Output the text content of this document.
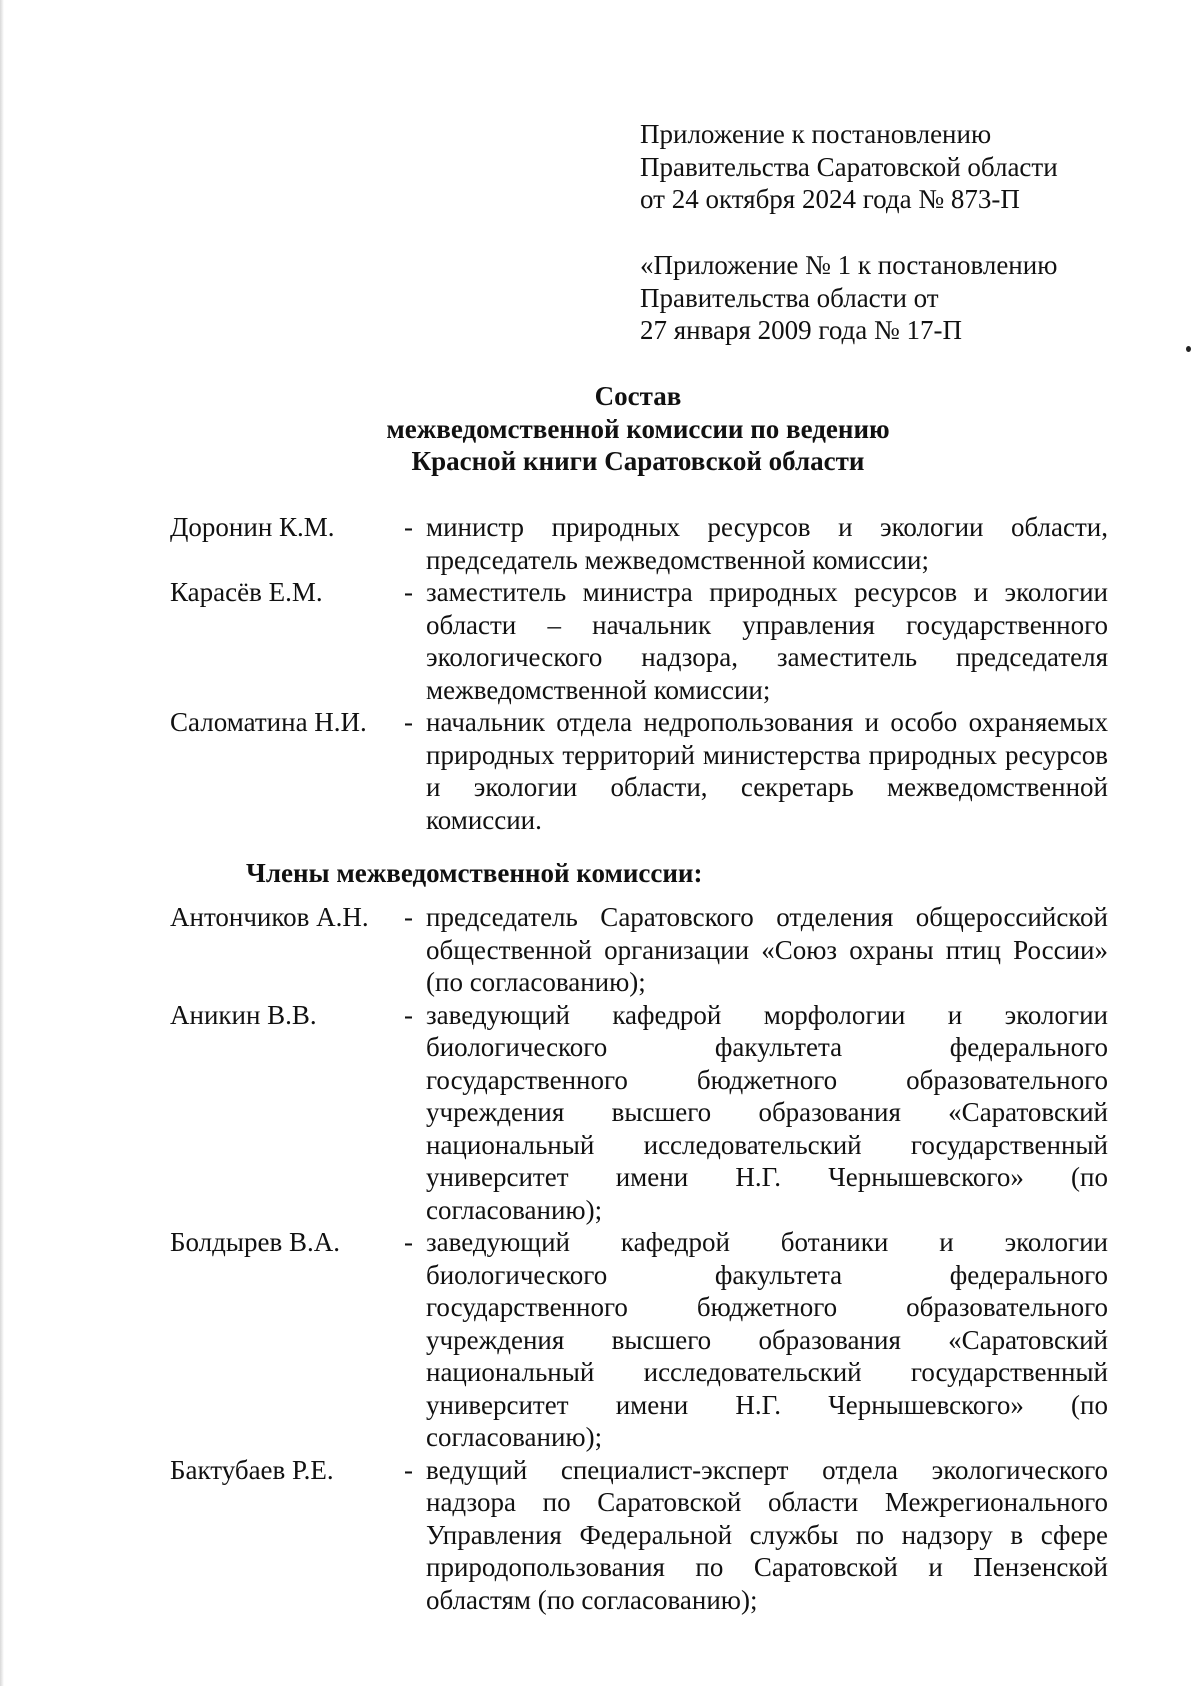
Приложение к постановлению
Правительства Саратовской области
от 24 октября 2024 года № 873-П
«Приложение № 1 к постановлению
Правительства области от
27 января 2009 года № 17-П
Состав
межведомственной комиссии по ведению
Красной книги Саратовской области
Доронин К.М.	- министр природных ресурсов и экологии области, председатель межведомственной комиссии;
Карасёв Е.М.	- заместитель министра природных ресурсов и экологии области – начальник управления государственного экологического надзора, заместитель председателя межведомственной комиссии;
Саломатина Н.И.	- начальник отдела недропользования и особо охраняемых природных территорий министерства природных ресурсов и экологии области, секретарь межведомственной комиссии.
Члены межведомственной комиссии:
Антончиков А.Н.	- председатель Саратовского отделения общероссийской общественной организации «Союз охраны птиц России» (по согласованию);
Аникин В.В.	- заведующий кафедрой морфологии и экологии биологического факультета федерального государственного бюджетного образовательного учреждения высшего образования «Саратовский национальный исследовательский государственный университет имени Н.Г. Чернышевского» (по согласованию);
Болдырев В.А.	- заведующий кафедрой ботаники и экологии биологического факультета федерального государственного бюджетного образовательного учреждения высшего образования «Саратовский национальный исследовательский государственный университет имени Н.Г. Чернышевского» (по согласованию);
Бактубаев Р.Е.	- ведущий специалист-эксперт отдела экологического надзора по Саратовской области Межрегионального Управления Федеральной службы по надзору в сфере природопользования по Саратовской и Пензенской областям (по согласованию);
